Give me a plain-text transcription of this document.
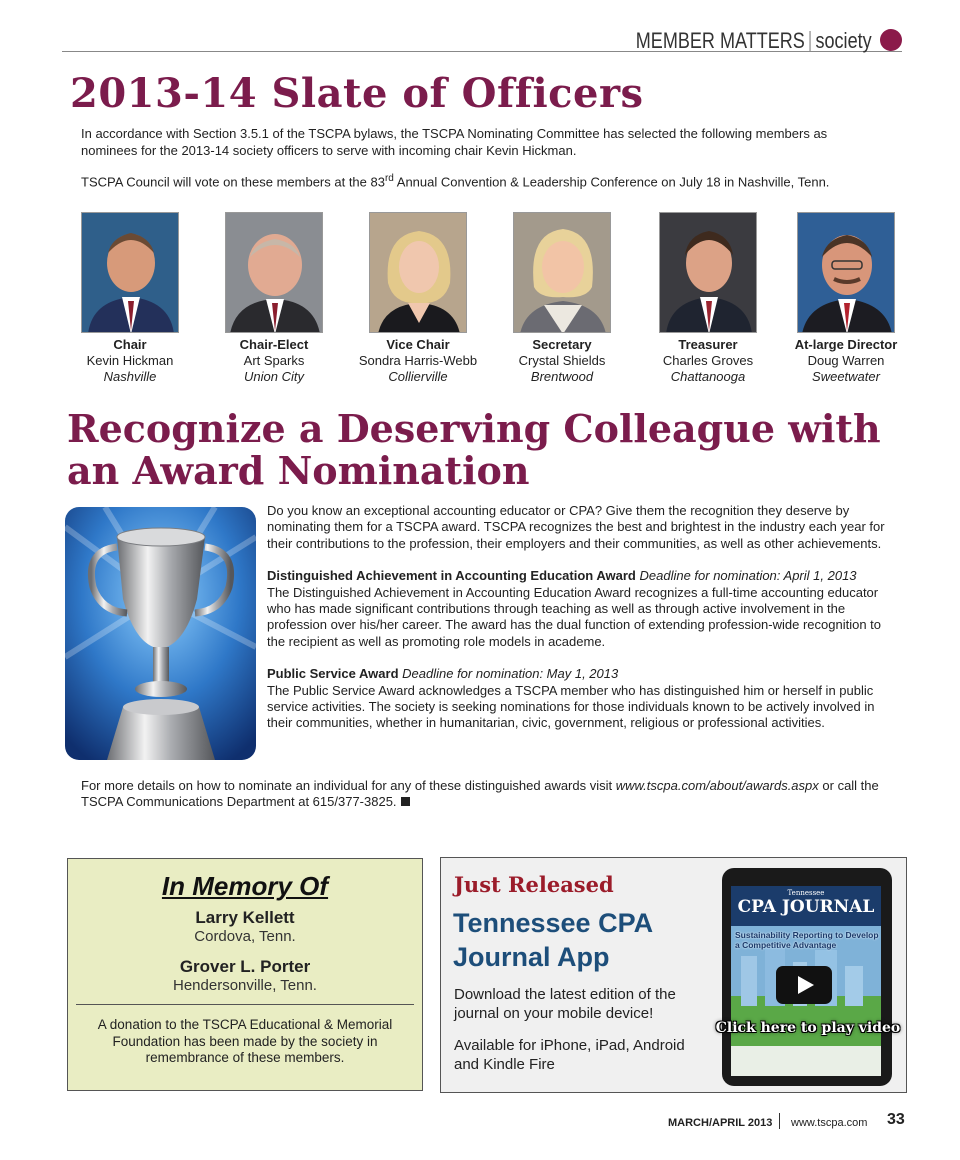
MEMBER MATTERS society
2013-14 Slate of Officers

In accordance with Section 3.5.1 of the TSCPA bylaws, the TSCPA Nominating Committee has selected the following members as nominees for the 2013-14 society officers to serve with incoming chair Kevin Hickman.

TSCPA Council will vote on these members at the 83rd Annual Convention & Leadership Conference on July 18 in Nashville, Tenn.

Chair
Kevin Hickman
Nashville
Chair-Elect
Art Sparks
Union City
Vice Chair
Sondra Harris-Webb
Collierville
Secretary
Crystal Shields
Brentwood
Treasurer
Charles Groves
Chattanooga
At-large Director
Doug Warren
Sweetwater
Recognize a Deserving Colleague with an Award Nomination

Do you know an exceptional accounting educator or CPA? Give them the recognition they deserve by nominating them for a TSCPA award. TSCPA recognizes the best and brightest in the industry each year for their contributions to the profession, their employers and their communities, as well as other achievements.

Distinguished Achievement in Accounting Education Award Deadline for nomination: April 1, 2013
The Distinguished Achievement in Accounting Education Award recognizes a full-time accounting educator who has made significant contributions through teaching as well as through active involvement in the profession over his/her career. The award has the dual function of extending profession-wide recognition to the recipient as well as promoting role models in academe.

Public Service Award Deadline for nomination: May 1, 2013
The Public Service Award acknowledges a TSCPA member who has distinguished him or herself in public service activities. The society is seeking nominations for those individuals known to be actively involved in their communities, whether in humanitarian, civic, government, religious or professional activities.

For more details on how to nominate an individual for any of these distinguished awards visit www.tscpa.com/about/awards.aspx or call the TSCPA Communications Department at 615/377-3825.
In Memory Of
Larry Kellett
Cordova, Tenn.
Grover L. Porter
Hendersonville, Tenn.
A donation to the TSCPA Educational & Memorial Foundation has been made by the society in remembrance of these members.
Just Released
Tennessee CPA Journal App
Download the latest edition of the journal on your mobile device!
Available for iPhone, iPad, Android and Kindle Fire
Tennessee
CPA JOURNAL
Sustainability Reporting to Develop a Competitive Advantage
Click here to play video
MARCH/APRIL 2013 www.tscpa.com 33
